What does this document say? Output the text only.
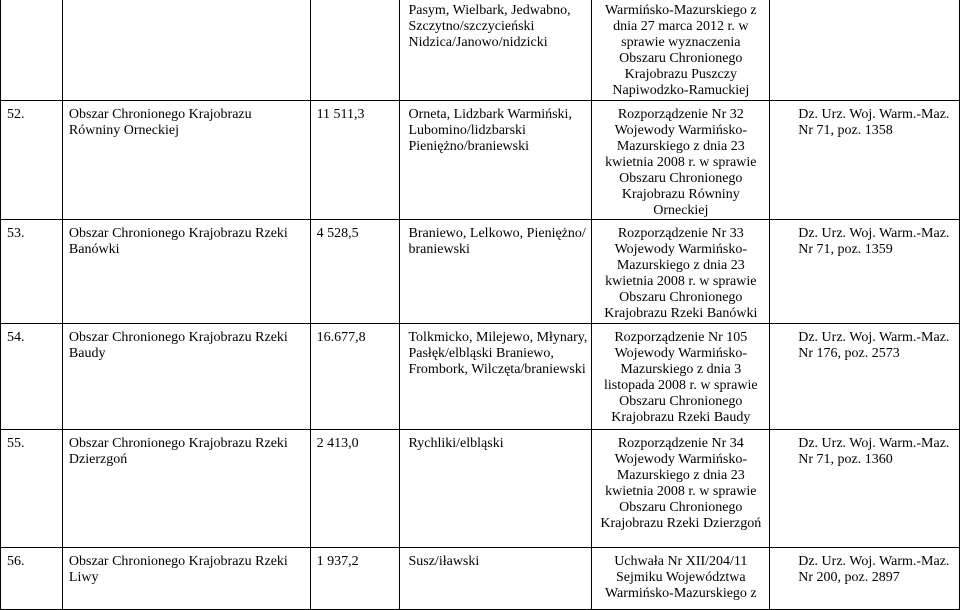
			Pasym, Wielbark, Jedwabno, Szczytno/szczycieński Nidzica/Janowo/nidzicki	Warmińsko-Mazurskiego z dnia 27 marca 2012 r. w sprawie wyznaczenia Obszaru Chronionego Krajobrazu Puszczy Napiwodzko-Ramuckiej	

52.	Obszar Chronionego Krajobrazu Równiny Orneckiej	11 511,3	Orneta, Lidzbark Warmiński, Lubomino/lidzbarski Pieniężno/braniewski	Rozporządzenie Nr 32 Wojewody Warmińsko-Mazurskiego z dnia 23 kwietnia 2008 r. w sprawie Obszaru Chronionego Krajobrazu Równiny Orneckiej	Dz. Urz. Woj. Warm.-Maz. Nr 71, poz. 1358

53.	Obszar Chronionego Krajobrazu Rzeki Banówki	4 528,5	Braniewo, Lelkowo, Pieniężno/ braniewski	Rozporządzenie Nr 33 Wojewody Warmińsko-Mazurskiego z dnia 23 kwietnia 2008 r. w sprawie Obszaru Chronionego Krajobrazu Rzeki Banówki	Dz. Urz. Woj. Warm.-Maz. Nr 71, poz. 1359

54.	Obszar Chronionego Krajobrazu Rzeki Baudy	16.677,8	Tolkmicko, Milejewo, Młynary, Pasłęk/elbląski Braniewo, Frombork, Wilczęta/braniewski	Rozporządzenie Nr 105 Wojewody Warmińsko-Mazurskiego z dnia 3 listopada 2008 r. w sprawie Obszaru Chronionego Krajobrazu Rzeki Baudy	Dz. Urz. Woj. Warm.-Maz. Nr 176, poz. 2573

55.	Obszar Chronionego Krajobrazu Rzeki Dzierzgoń	2 413,0	Rychliki/elbląski	Rozporządzenie Nr 34 Wojewody Warmińsko-Mazurskiego z dnia 23 kwietnia 2008 r. w sprawie Obszaru Chronionego Krajobrazu Rzeki Dzierzgoń	Dz. Urz. Woj. Warm.-Maz. Nr 71, poz. 1360

56.	Obszar Chronionego Krajobrazu Rzeki Liwy	1 937,2	Susz/iławski	Uchwała Nr XII/204/11 Sejmiku Województwa Warmińsko-Mazurskiego z	Dz. Urz. Woj. Warm.-Maz. Nr 200, poz. 2897
